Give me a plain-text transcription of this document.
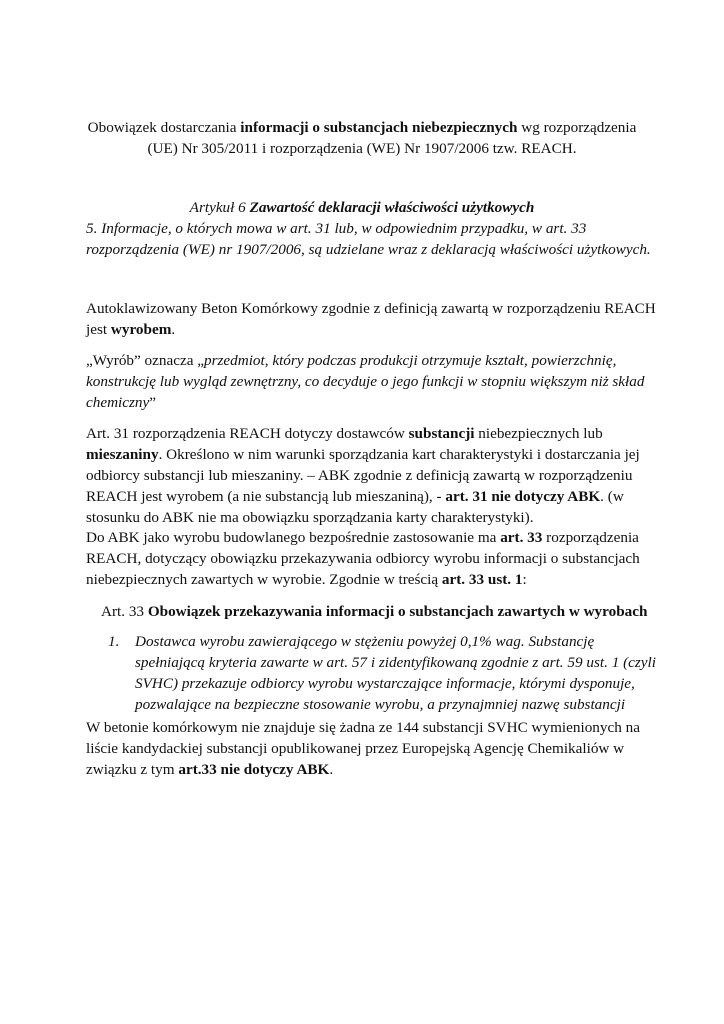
Obowiązek dostarczania informacji o substancjach niebezpiecznych wg rozporządzenia
(UE) Nr 305/2011 i rozporządzenia (WE) Nr 1907/2006 tzw. REACH.
Artykuł 6 Zawartość deklaracji właściwości użytkowych
5. Informacje, o których mowa w art. 31 lub, w odpowiednim przypadku, w art. 33
rozporządzenia (WE) nr 1907/2006, są udzielane wraz z deklaracją właściwości użytkowych.
Autoklawizowany Beton Komórkowy zgodnie z definicją zawartą w rozporządzeniu REACH
jest wyrobem.
„Wyrób” oznacza „przedmiot, który podczas produkcji otrzymuje kształt, powierzchnię,
konstrukcję lub wygląd zewnętrzny, co decyduje o jego funkcji w stopniu większym niż skład
chemiczny”
Art. 31 rozporządzenia REACH dotyczy dostawców substancji niebezpiecznych lub
mieszaniny. Określono w nim warunki sporządzania kart charakterystyki i dostarczania jej
odbiorcy substancji lub mieszaniny. – ABK zgodnie z definicją zawartą w rozporządzeniu
REACH jest wyrobem (a nie substancją lub mieszaniną), - art. 31 nie dotyczy ABK. (w
stosunku do ABK nie ma obowiązku sporządzania karty charakterystyki).
Do ABK jako wyrobu budowlanego bezpośrednie zastosowanie ma art. 33 rozporządzenia
REACH, dotyczący obowiązku przekazywania odbiorcy wyrobu informacji o substancjach
niebezpiecznych zawartych w wyrobie. Zgodnie w treścią art. 33 ust. 1:
Art. 33 Obowiązek przekazywania informacji o substancjach zawartych w wyrobach
1. Dostawca wyrobu zawierającego w stężeniu powyżej 0,1% wag. Substancję
spełniającą kryteria zawarte w art. 57 i zidentyfikowaną zgodnie z art. 59 ust. 1 (czyli
SVHC) przekazuje odbiorcy wyrobu wystarczające informacje, którymi dysponuje,
pozwalające na bezpieczne stosowanie wyrobu, a przynajmniej nazwę substancji
W betonie komórkowym nie znajduje się żadna ze 144 substancji SVHC wymienionych na
liście kandydackiej substancji opublikowanej przez Europejską Agencję Chemikaliów w
związku z tym art.33 nie dotyczy ABK.
